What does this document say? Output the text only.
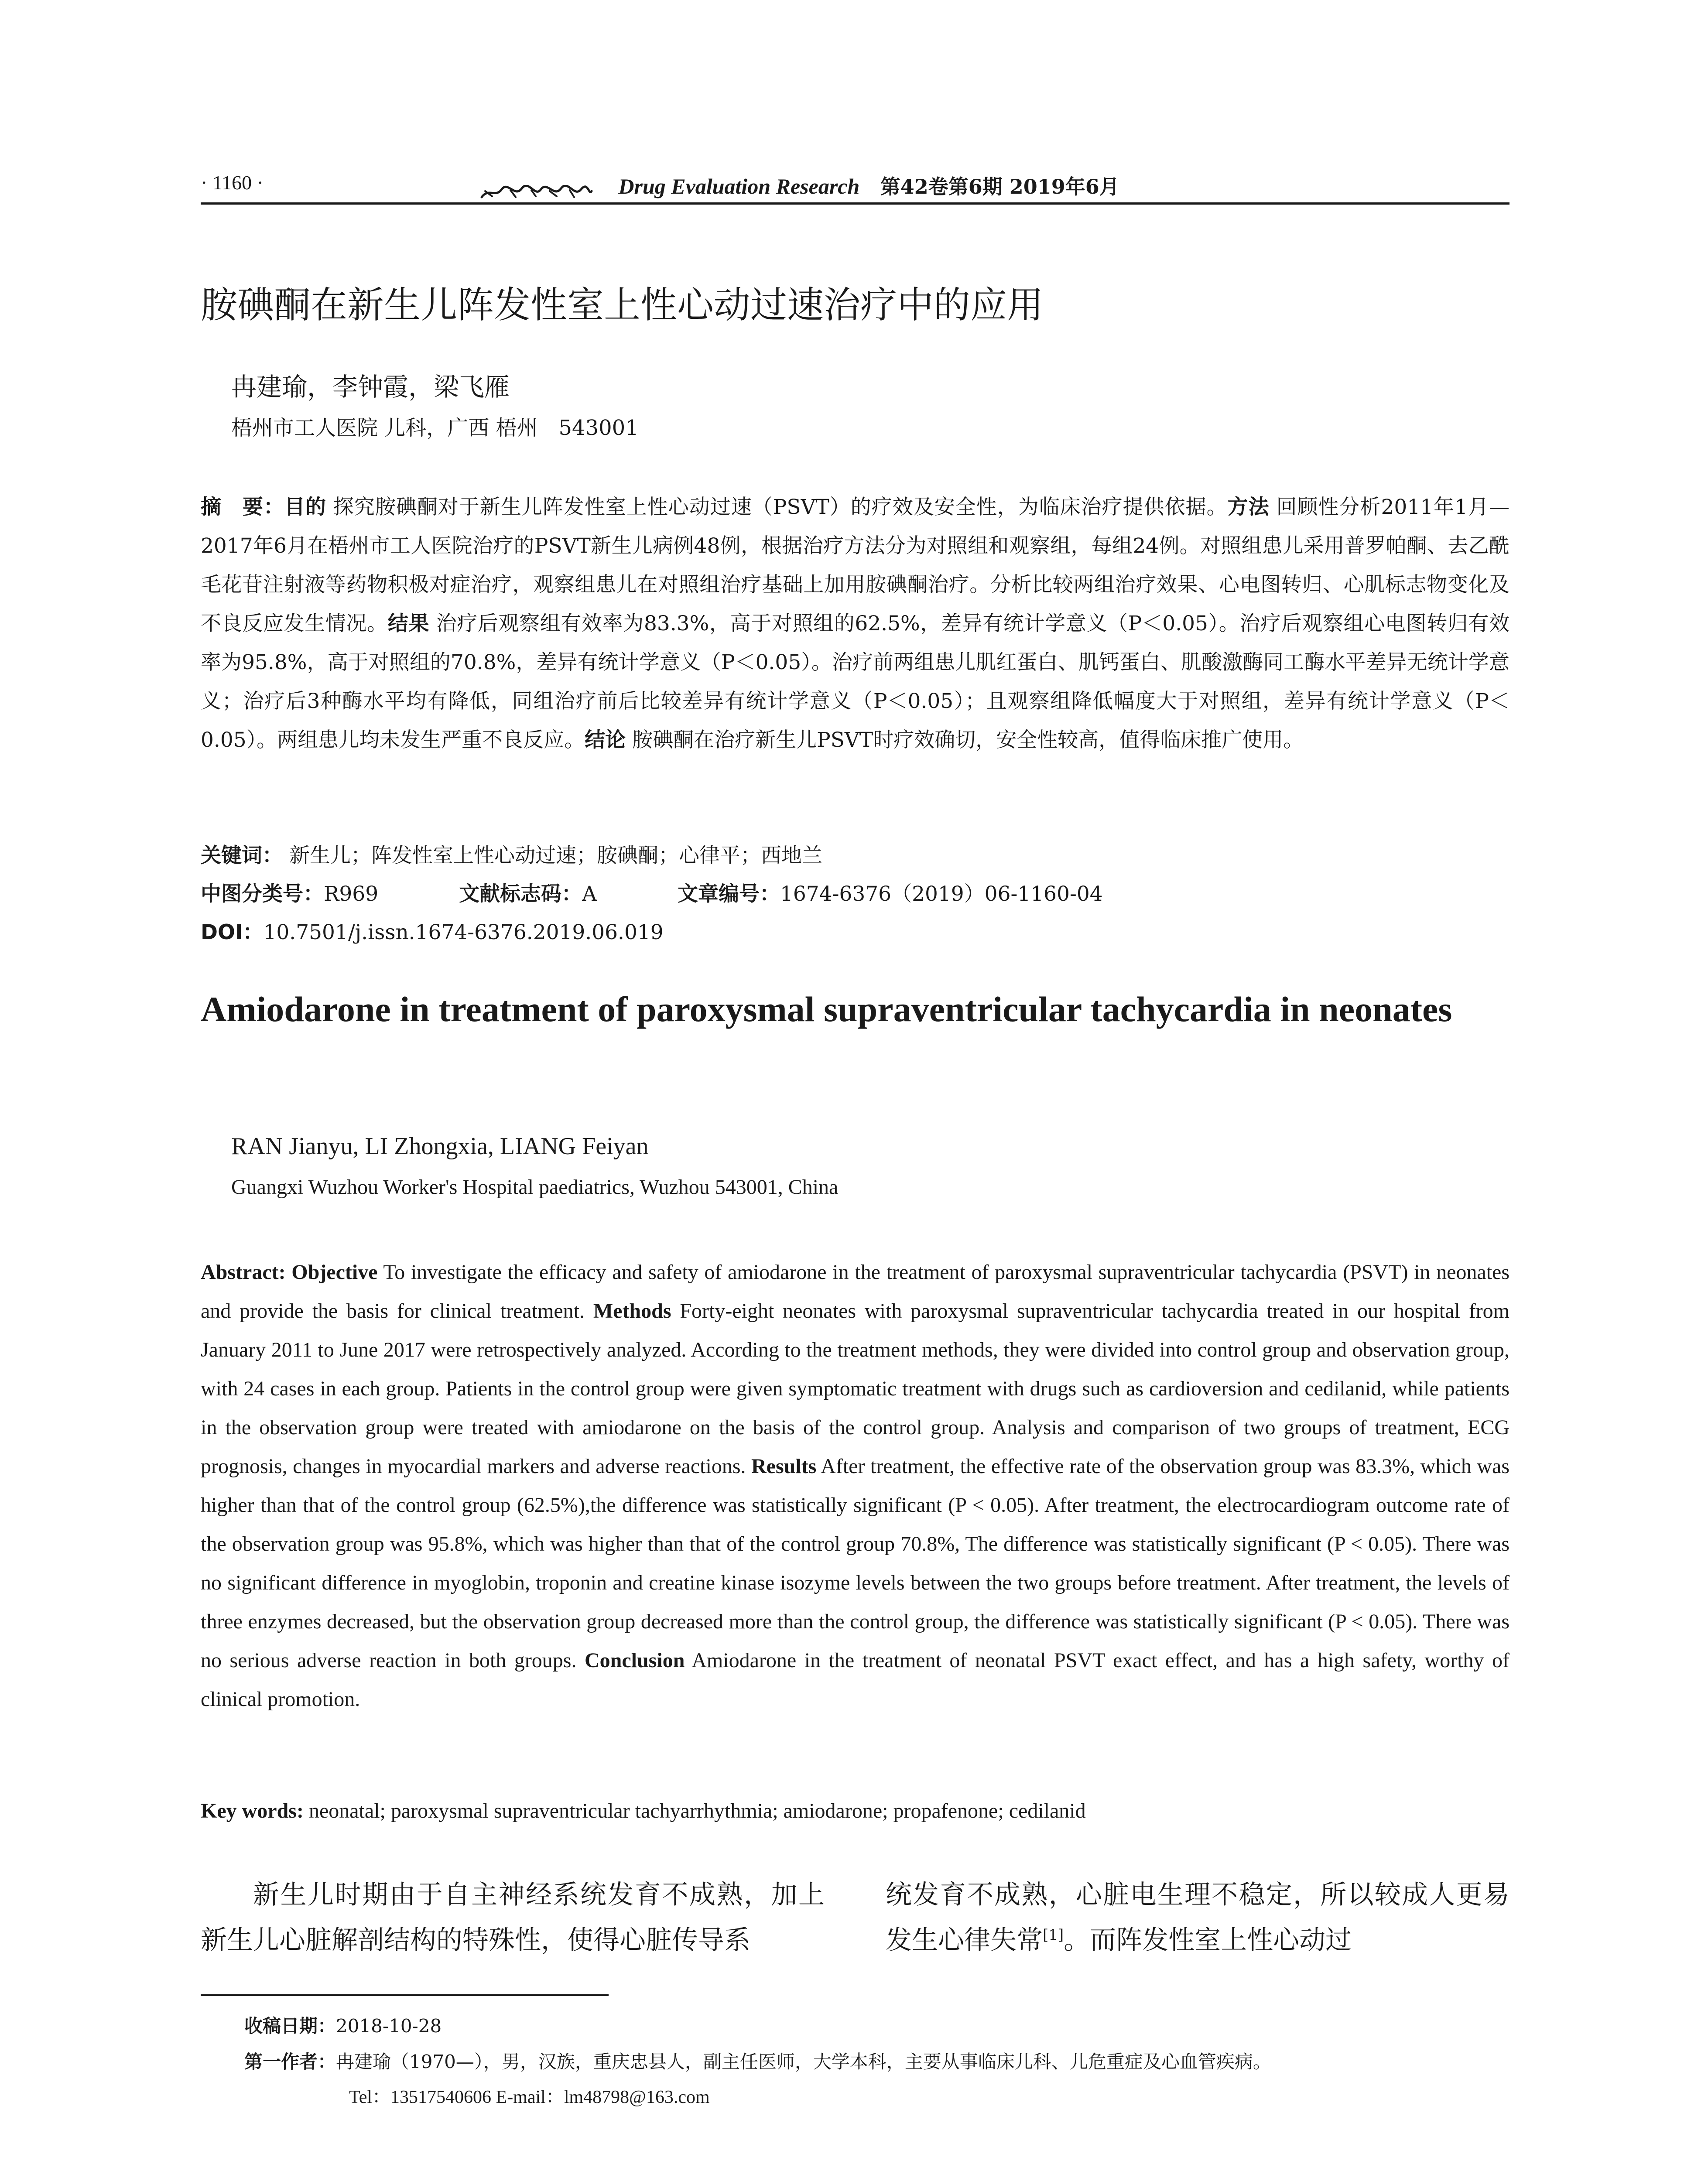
· 1160 ·	Drug Evaluation Research 第42卷第6期 2019年6月
胺碘酮在新生儿阵发性室上性心动过速治疗中的应用
冉建瑜，李钟霞，梁飞雁
梧州市工人医院 儿科，广西 梧州　543001
摘　要：目的 探究胺碘酮对于新生儿阵发性室上性心动过速（PSVT）的疗效及安全性，为临床治疗提供依据。方法 回顾性分析2011年1月—2017年6月在梧州市工人医院治疗的PSVT新生儿病例48例，根据治疗方法分为对照组和观察组，每组24例。对照组患儿采用普罗帕酮、去乙酰毛花苷注射液等药物积极对症治疗，观察组患儿在对照组治疗基础上加用胺碘酮治疗。分析比较两组治疗效果、心电图转归、心肌标志物变化及不良反应发生情况。结果 治疗后观察组有效率为83.3%，高于对照组的62.5%，差异有统计学意义（P＜0.05）。治疗后观察组心电图转归有效率为95.8%，高于对照组的70.8%，差异有统计学意义（P＜0.05）。治疗前两组患儿肌红蛋白、肌钙蛋白、肌酸激酶同工酶水平差异无统计学意义；治疗后3种酶水平均有降低，同组治疗前后比较差异有统计学意义（P＜0.05）；且观察组降低幅度大于对照组，差异有统计学意义（P＜0.05）。两组患儿均未发生严重不良反应。结论 胺碘酮在治疗新生儿PSVT时疗效确切，安全性较高，值得临床推广使用。
关键词： 新生儿；阵发性室上性心动过速；胺碘酮；心律平；西地兰
中图分类号：R969	文献标志码：A	文章编号：1674-6376（2019）06-1160-04
DOI：10.7501/j.issn.1674-6376.2019.06.019
Amiodarone in treatment of paroxysmal supraventricular tachycardia in neonates
RAN Jianyu, LI Zhongxia, LIANG Feiyan
Guangxi Wuzhou Worker's Hospital paediatrics, Wuzhou 543001, China
Abstract: Objective To investigate the efficacy and safety of amiodarone in the treatment of paroxysmal supraventricular tachycardia (PSVT) in neonates and provide the basis for clinical treatment. Methods Forty-eight neonates with paroxysmal supraventricular tachycardia treated in our hospital from January 2011 to June 2017 were retrospectively analyzed. According to the treatment methods, they were divided into control group and observation group, with 24 cases in each group. Patients in the control group were given symptomatic treatment with drugs such as cardioversion and cedilanid, while patients in the observation group were treated with amiodarone on the basis of the control group. Analysis and comparison of two groups of treatment, ECG prognosis, changes in myocardial markers and adverse reactions. Results After treatment, the effective rate of the observation group was 83.3%, which was higher than that of the control group (62.5%),the difference was statistically significant (P < 0.05). After treatment, the electrocardiogram outcome rate of the observation group was 95.8%, which was higher than that of the control group 70.8%, The difference was statistically significant (P < 0.05). There was no significant difference in myoglobin, troponin and creatine kinase isozyme levels between the two groups before treatment. After treatment, the levels of three enzymes decreased, but the observation group decreased more than the control group, the difference was statistically significant (P < 0.05). There was no serious adverse reaction in both groups. Conclusion Amiodarone in the treatment of neonatal PSVT exact effect, and has a high safety, worthy of clinical promotion.
Key words: neonatal; paroxysmal supraventricular tachyarrhythmia; amiodarone; propafenone; cedilanid
新生儿时期由于自主神经系统发育不成熟，加上新生儿心脏解剖结构的特殊性，使得心脏传导系
统发育不成熟，心脏电生理不稳定，所以较成人更易发生心律失常[1]。而阵发性室上性心动过
收稿日期：2018-10-28
第一作者：冉建瑜（1970—），男，汉族，重庆忠县人，副主任医师，大学本科，主要从事临床儿科、儿危重症及心血管疾病。
Tel：13517540606 E-mail：lm48798@163.com
